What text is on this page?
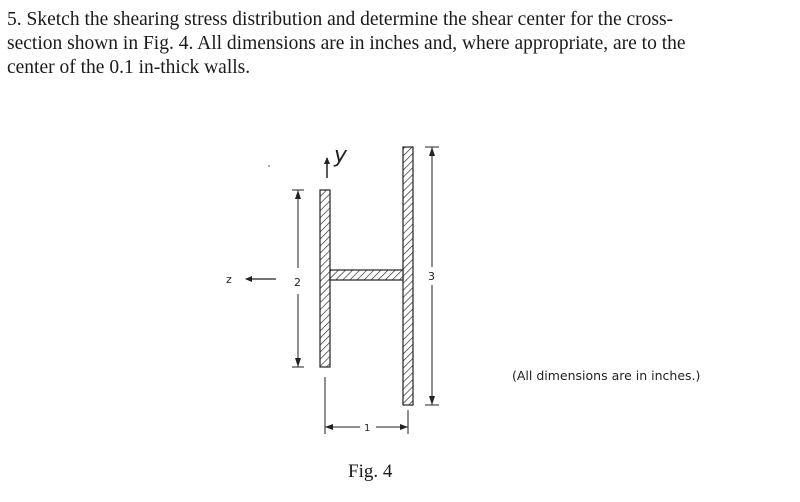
5. Sketch the shearing stress distribution and determine the shear center for the cross-
section shown in Fig. 4. All dimensions are in inches and, where appropriate, are to the
center of the 0.1 in-thick walls.
y
z	2	3
1
(All dimensions are in inches.)
Fig. 4
